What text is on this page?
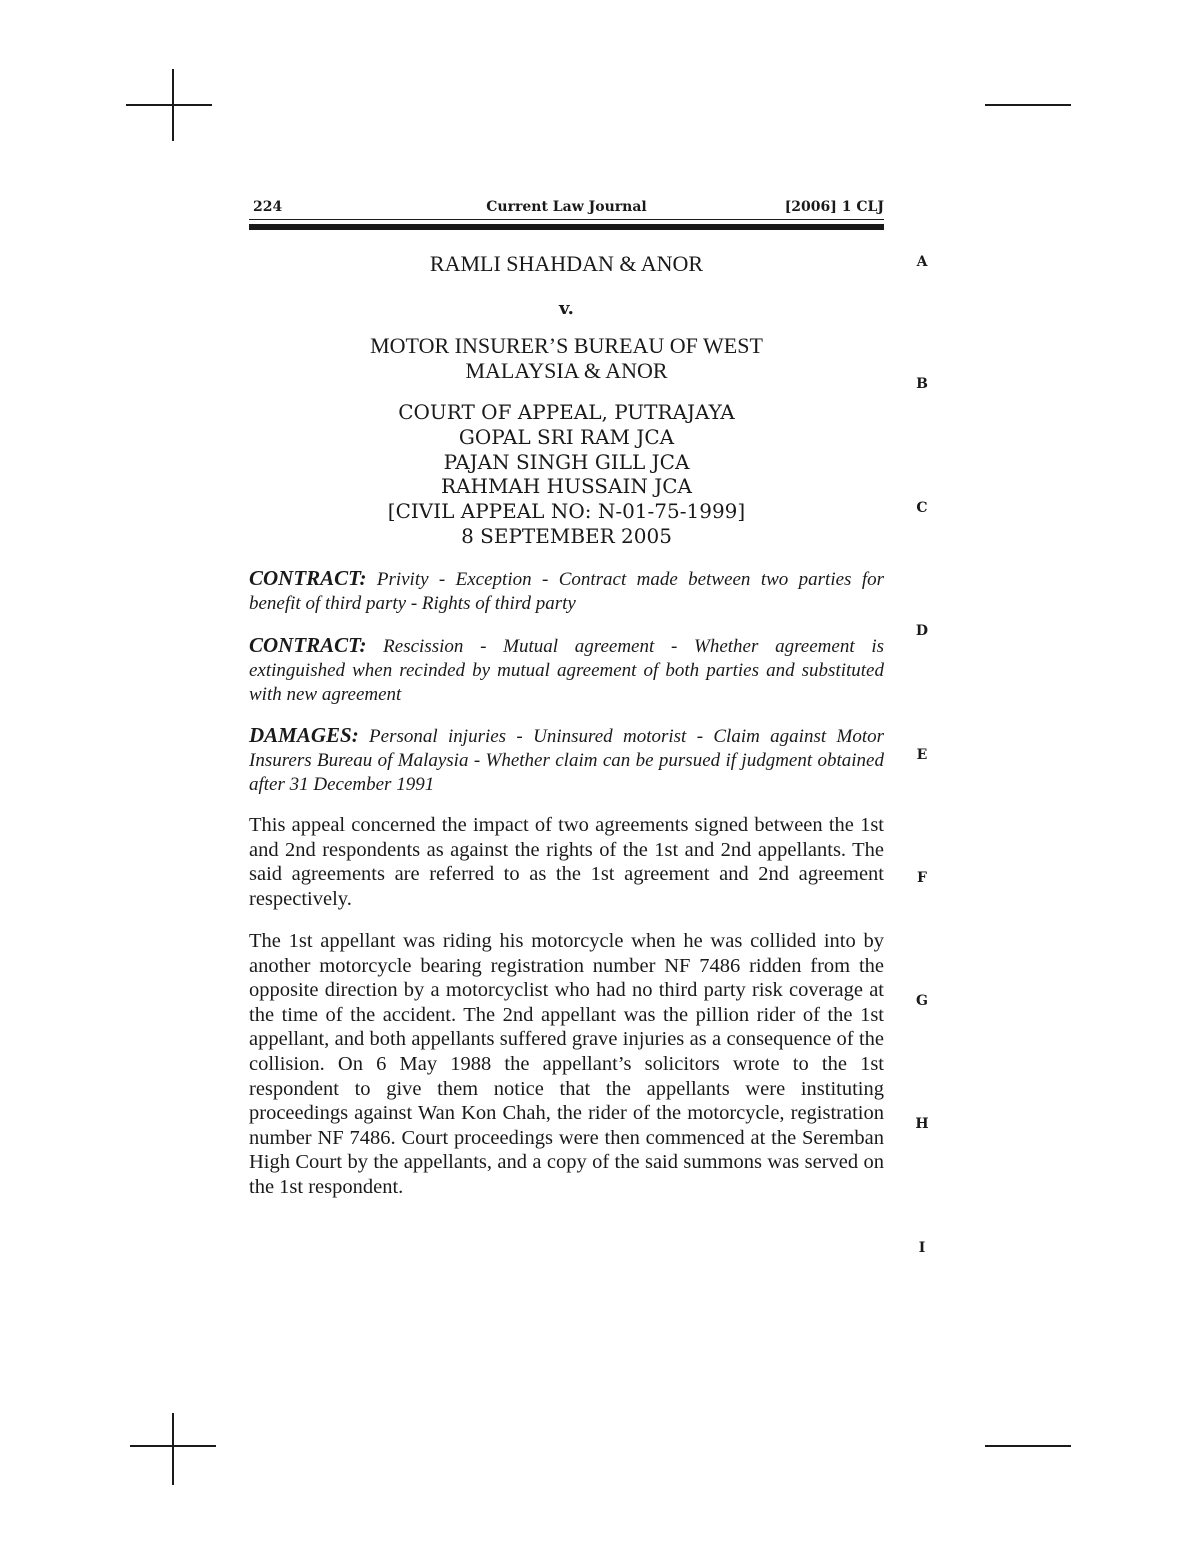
224	Current Law Journal	[2006] 1 CLJ
RAMLI SHAHDAN & ANOR
v.
MOTOR INSURER’S BUREAU OF WEST
MALAYSIA & ANOR
COURT OF APPEAL, PUTRAJAYA
GOPAL SRI RAM JCA
PAJAN SINGH GILL JCA
RAHMAH HUSSAIN JCA
[CIVIL APPEAL NO: N-01-75-1999]
8 SEPTEMBER 2005
CONTRACT: Privity - Exception - Contract made between two parties for benefit of third party - Rights of third party
CONTRACT: Rescission - Mutual agreement - Whether agreement is extinguished when recinded by mutual agreement of both parties and substituted with new agreement
DAMAGES: Personal injuries - Uninsured motorist - Claim against Motor Insurers Bureau of Malaysia - Whether claim can be pursued if judgment obtained after 31 December 1991
This appeal concerned the impact of two agreements signed between the 1st and 2nd respondents as against the rights of the 1st and 2nd appellants. The said agreements are referred to as the 1st agreement and 2nd agreement respectively.
The 1st appellant was riding his motorcycle when he was collided into by another motorcycle bearing registration number NF 7486 ridden from the opposite direction by a motorcyclist who had no third party risk coverage at the time of the accident. The 2nd appellant was the pillion rider of the 1st appellant, and both appellants suffered grave injuries as a consequence of the collision. On 6 May 1988 the appellant’s solicitors wrote to the 1st respondent to give them notice that the appellants were instituting proceedings against Wan Kon Chah, the rider of the motorcycle, registration number NF 7486. Court proceedings were then commenced at the Seremban High Court by the appellants, and a copy of the said summons was served on the 1st respondent.
A
B
C
D
E
F
G
H
I
